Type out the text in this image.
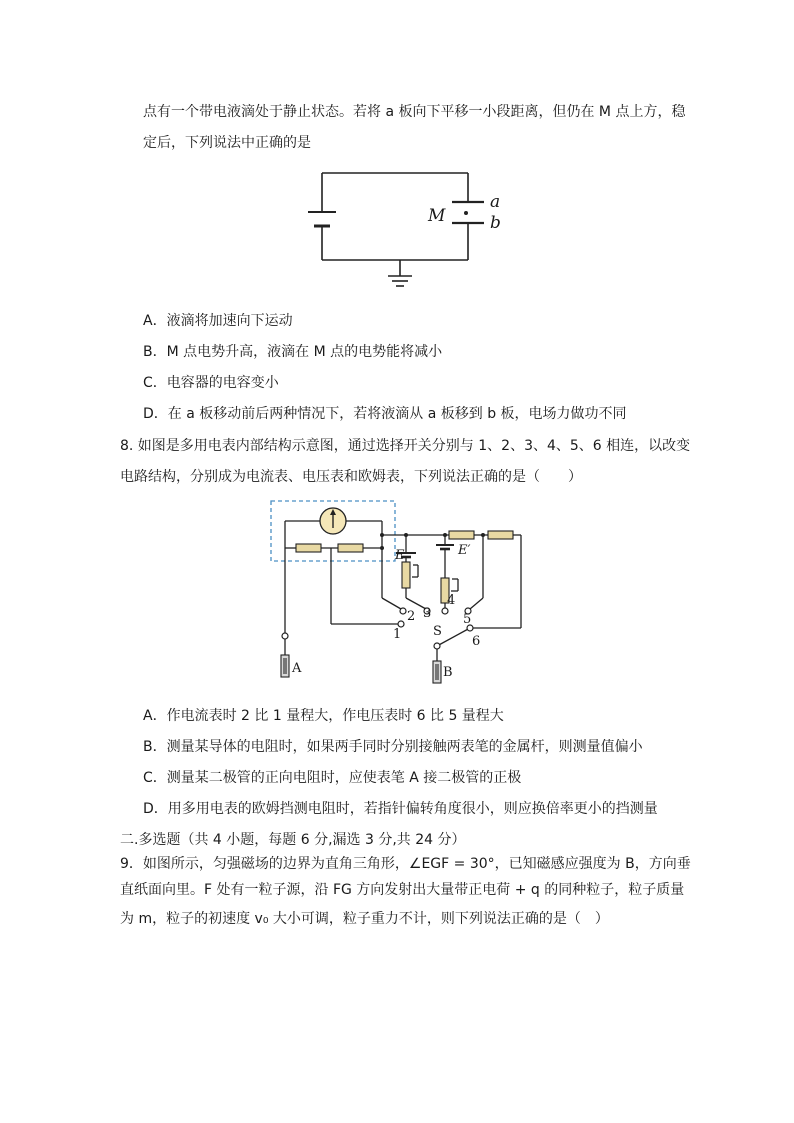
点有一个带电液滴处于静止状态。若将 a 板向下平移一小段距离，但仍在 M 点上方，稳
定后，下列说法中正确的是
M
a
b
A．液滴将加速向下运动
B．M 点电势升高，液滴在 M 点的电势能将减小
C．电容器的电容变小
D．在 a 板移动前后两种情况下，若将液滴从 a 板移到 b 板，电场力做功不同
8. 如图是多用电表内部结构示意图，通过选择开关分别与 1、2、3、4、5、6 相连，以改变
电路结构，分别成为电流表、电压表和欧姆表，下列说法正确的是（　　）
E	E′
1
2 3
4
5
6
S
A	B
A．作电流表时 2 比 1 量程大，作电压表时 6 比 5 量程大
B．测量某导体的电阻时，如果两手同时分别接触两表笔的金属杆，则测量值偏小
C．测量某二极管的正向电阻时，应使表笔 A 接二极管的正极
D．用多用电表的欧姆挡测电阻时，若指针偏转角度很小，则应换倍率更小的挡测量
二.多选题（共 4 小题，每题 6 分,漏选 3 分,共 24 分）
9．如图所示，匀强磁场的边界为直角三角形，∠EGF = 30°，已知磁感应强度为 B，方向垂
直纸面向里。F 处有一粒子源，沿 FG 方向发射出大量带正电荷 + q 的同种粒子，粒子质量
为 m，粒子的初速度 v₀ 大小可调，粒子重力不计，则下列说法正确的是（　）
